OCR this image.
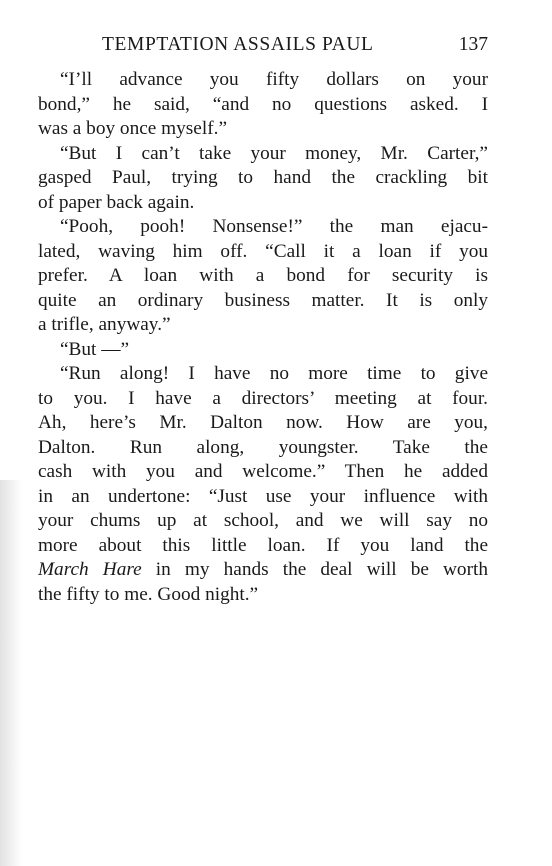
TEMPTATION ASSAILS PAUL	137
“I’ll advance you fifty dollars on your
bond,” he said, “and no questions asked. I
was a boy once myself.”
“But I can’t take your money, Mr. Carter,”
gasped Paul, trying to hand the crackling bit
of paper back again.
“Pooh, pooh! Nonsense!” the man ejacu-
lated, waving him off. “Call it a loan if you
prefer. A loan with a bond for security is
quite an ordinary business matter. It is only
a trifle, anyway.”
“But —”
“Run along! I have no more time to give
to you. I have a directors’ meeting at four.
Ah, here’s Mr. Dalton now. How are you,
Dalton. Run along, youngster. Take the
cash with you and welcome.” Then he added
in an undertone: “Just use your influence with
your chums up at school, and we will say no
more about this little loan. If you land the
March Hare in my hands the deal will be worth
the fifty to me. Good night.”
